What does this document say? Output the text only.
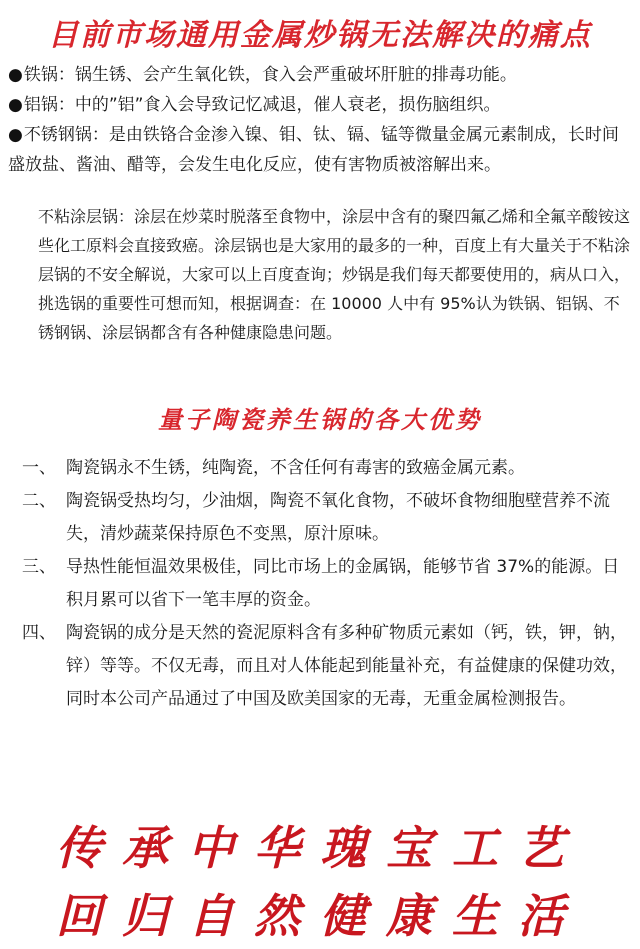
目前市场通用金属炒锅无法解决的痛点
●铁锅：锅生锈、会产生氧化铁，食入会严重破坏肝脏的排毒功能。
●铝锅：中的”铝”食入会导致记忆减退，催人衰老，损伤脑组织。
●不锈钢锅：是由铁铬合金渗入镍、钼、钛、镉、锰等微量金属元素制成，长时间盛放盐、酱油、醋等，会发生电化反应，使有害物质被溶解出来。
不粘涂层锅：涂层在炒菜时脱落至食物中，涂层中含有的聚四氟乙烯和全氟辛酸铵这些化工原料会直接致癌。涂层锅也是大家用的最多的一种，百度上有大量关于不粘涂层锅的不安全解说，大家可以上百度查询；炒锅是我们每天都要使用的，病从口入，挑选锅的重要性可想而知，根据调查：在 10000 人中有 95%认为铁锅、铝锅、不锈钢锅、涂层锅都含有各种健康隐患问题。
量子陶瓷养生锅的各大优势
一、 陶瓷锅永不生锈，纯陶瓷，不含任何有毒害的致癌金属元素。
二、 陶瓷锅受热均匀，少油烟，陶瓷不氧化食物，不破坏食物细胞壁营养不流失，清炒蔬菜保持原色不变黑，原汁原味。
三、 导热性能恒温效果极佳，同比市场上的金属锅，能够节省 37%的能源。日积月累可以省下一笔丰厚的资金。
四、 陶瓷锅的成分是天然的瓷泥原料含有多种矿物质元素如（钙，铁，钾，钠，锌）等等。不仅无毒，而且对人体能起到能量补充，有益健康的保健功效，同时本公司产品通过了中国及欧美国家的无毒，无重金属检测报告。
传承中华瑰宝工艺
回归自然健康生活
